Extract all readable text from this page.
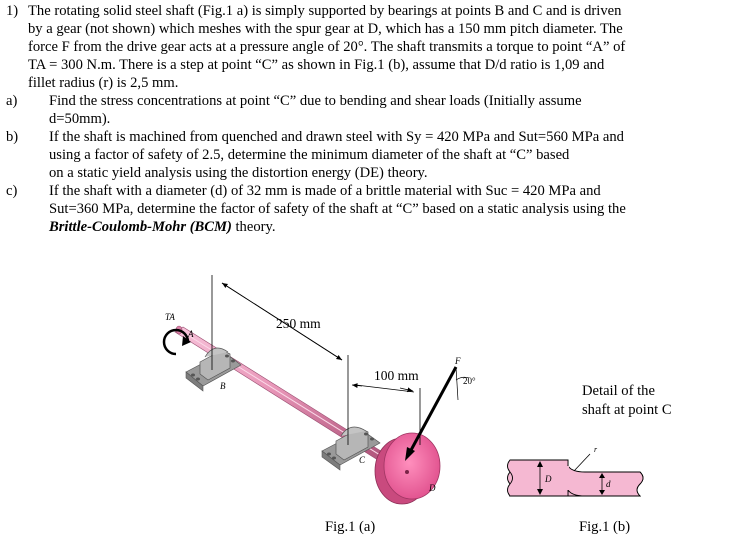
1) The rotating solid steel shaft (Fig.1 a) is simply supported by bearings at points B and C and is driven
by a gear (not shown) which meshes with the spur gear at D, which has a 150 mm pitch diameter. The
force F from the drive gear acts at a pressure angle of 20°. The shaft transmits a torque to point “A” of
TA = 300 N.m. There is a step at point “C” as shown in Fig.1 (b), assume that D/d ratio is 1,09 and
fillet radius (r) is 2,5 mm.
a) Find the stress concentrations at point “C” due to bending and shear loads (Initially assume
d=50mm).
b) If the shaft is machined from quenched and drawn steel with Sy = 420 MPa and Sut=560 MPa and
using a factor of safety of 2.5, determine the minimum diameter of the shaft at “C” based
on a static yield analysis using the distortion energy (DE) theory.
c) If the shaft with a diameter (d) of 32 mm is made of a brittle material with Suc = 420 MPa and
Sut=360 MPa, determine the factor of safety of the shaft at “C” based on a static analysis using the
Brittle-Coulomb-Mohr (BCM) theory.
TA
A
B
C
D
F
20°
250 mm
100 mm
Fig.1 (a)
Detail of the
shaft at point C
r
D	d
Fig.1 (b)
